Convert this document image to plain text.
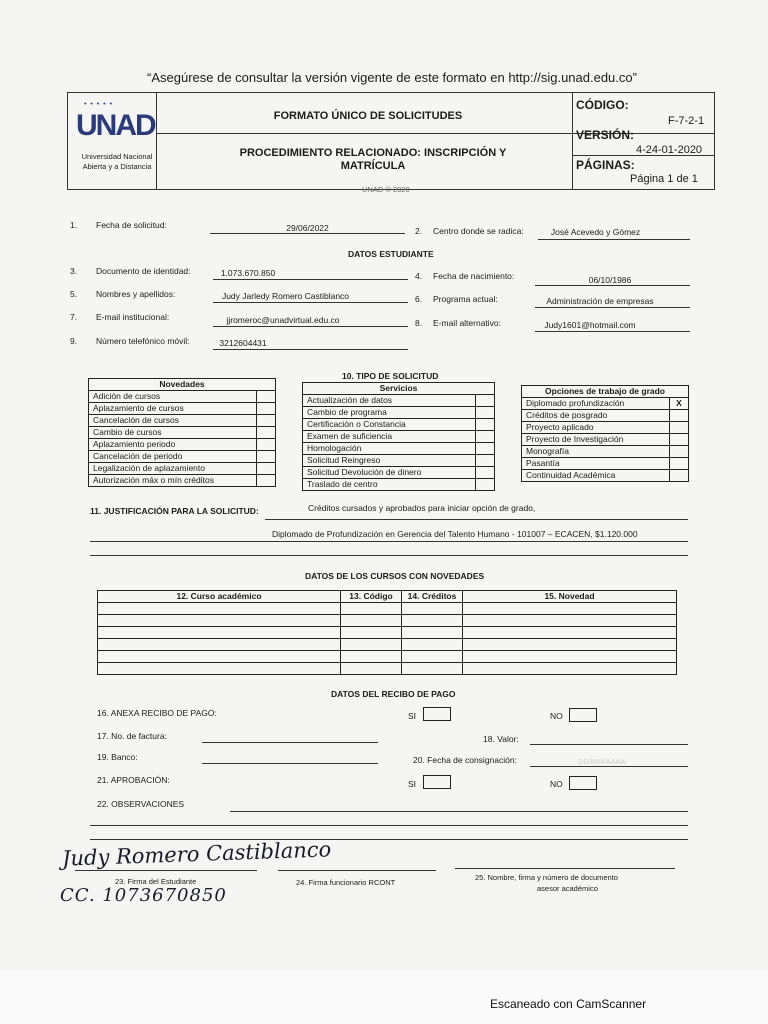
“Asegúrese de consultar la versión vigente de este formato en http://sig.unad.edu.co”
• • • • •
UNAD
Universidad Nacional
Abierta y a Distancia
FORMATO ÚNICO DE SOLICITUDES
PROCEDIMIENTO RELACIONADO: INSCRIPCIÓN Y MATRÍCULA
CÓDIGO:
F-7-2-1
VERSIÓN:
4-24-01-2020
PÁGINAS:
Página 1 de 1
UNAD © 2020
1. Fecha de solicitud:	29/06/2022	2. Centro donde se radica:	José Acevedo y Gómez
DATOS ESTUDIANTE
3. Documento de identidad:	1.073.670.850	4. Fecha de nacimiento:	06/10/1986
5. Nombres y apellidos:	Judy Jarledy Romero Castiblanco	6. Programa actual:	Administración de empresas
7. E-mail institucional:	jjromeroc@unadvirtual.edu.co	8. E-mail alternativo:	Judy1601@hotmail.com
9. Número telefónico móvil:	3212604431
10. TIPO DE SOLICITUD
Novedades	
Adición de cursos	
Aplazamiento de cursos	
Cancelación de cursos	
Cambio de cursos	
Aplazamiento periodo	
Cancelación de periodo	
Legalización de aplazamiento	
Autorización máx o mín créditos	
Servicios	
Actualización de datos	
Cambio de programa	
Certificación o Constancia	
Examen de suficiencia	
Homologación	
Solicitud Reingreso	
Solicitud Devolución de dinero	
Traslado de centro	
Opciones de trabajo de grado	
Diplomado profundización	X
Créditos de posgrado	
Proyecto aplicado	
Proyecto de Investigación	
Monografía	
Pasantía	
Continuidad Académica	
11. JUSTIFICACIÓN PARA LA SOLICITUD:	Créditos cursados y aprobados para iniciar opción de grado,
Diplomado de Profundización en Gerencia del Talento Humano - 101007 – ECACEN, $1.120.000
DATOS DE LOS CURSOS CON NOVEDADES
12. Curso académico	13. Código	14. Créditos	15. Novedad

DATOS DEL RECIBO DE PAGO
16. ANEXA RECIBO DE PAGO:	SI	NO
17. No. de factura:	18. Valor:
19. Banco:	20. Fecha de consignación:	DD/MM/AAAA
21. APROBACIÓN:	SI	NO
22. OBSERVACIONES
Judy Romero Castiblanco
23. Firma del Estudiante
CC. 1073670850
24. Firma funcionario RCONT
25. Nombre, firma y número de documento
asesor académico
Escaneado con CamScanner
